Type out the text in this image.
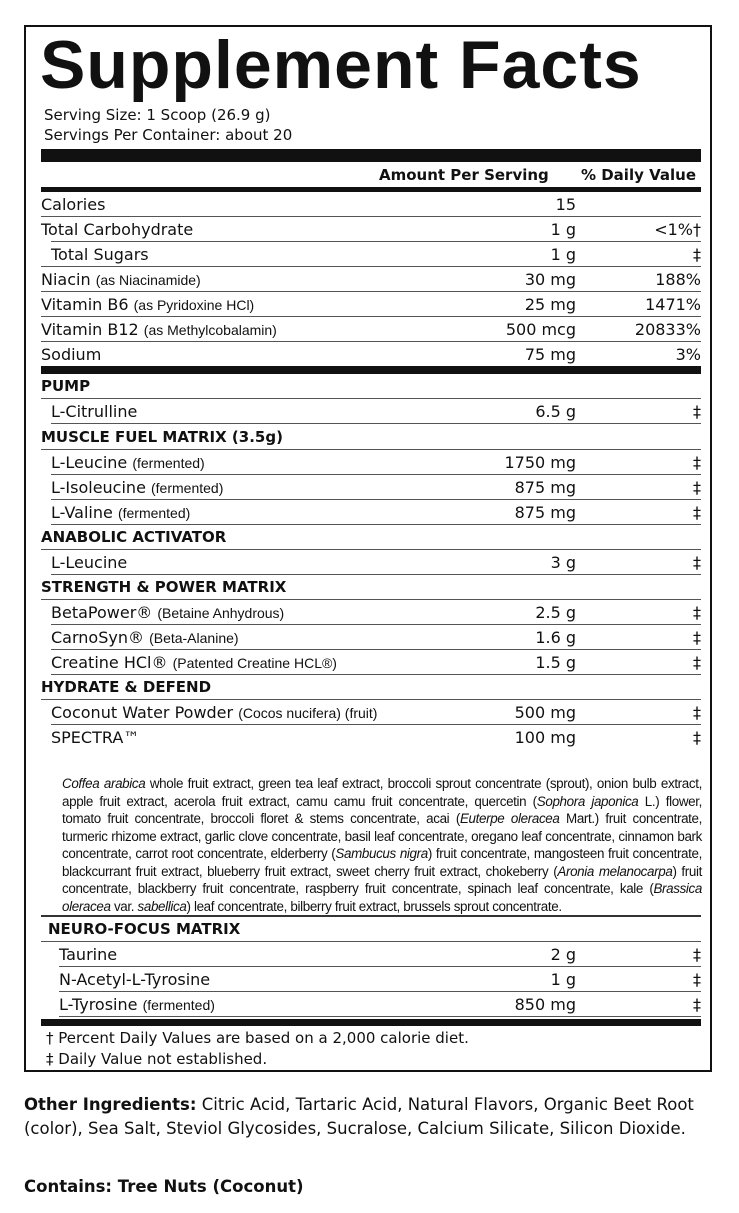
Supplement Facts
Serving Size: 1 Scoop (26.9 g)
Servings Per Container: about 20
Amount Per Serving % Daily Value
Calories	15
Total Carbohydrate	1 g	<1%†
Total Sugars	1 g	‡
Niacin (as Niacinamide)	30 mg	188%
Vitamin B6 (as Pyridoxine HCl)	25 mg	1471%
Vitamin B12 (as Methylcobalamin)	500 mcg	20833%
Sodium	75 mg	3%
PUMP
L-Citrulline	6.5 g	‡
MUSCLE FUEL MATRIX (3.5g)
L-Leucine (fermented)	1750 mg	‡
L-Isoleucine (fermented)	875 mg	‡
L-Valine (fermented)	875 mg	‡
ANABOLIC ACTIVATOR
L-Leucine	3 g	‡
STRENGTH & POWER MATRIX
BetaPower® (Betaine Anhydrous)	2.5 g	‡
CarnoSyn® (Beta-Alanine)	1.6 g	‡
Creatine HCl® (Patented Creatine HCL®)	1.5 g	‡
HYDRATE & DEFEND
Coconut Water Powder (Cocos nucifera) (fruit)	500 mg	‡
SPECTRA™	100 mg	‡
NEURO-FOCUS MATRIX
Taurine	2 g	‡
N-Acetyl-L-Tyrosine	1 g	‡
L-Tyrosine (fermented)	850 mg	‡
Coffea arabica whole fruit extract, green tea leaf extract, broccoli sprout concentrate (sprout), onion bulb extract, apple fruit extract, acerola fruit extract, camu camu fruit concentrate, quercetin (Sophora japonica L.) flower, tomato fruit concentrate, broccoli floret & stems concentrate, acai (Euterpe oleracea Mart.) fruit concentrate, turmeric rhizome extract, garlic clove concentrate, basil leaf concentrate, oregano leaf concentrate, cinnamon bark concentrate, carrot root concentrate, elderberry (Sambucus nigra) fruit concentrate, mangosteen fruit concentrate, blackcurrant fruit extract, blueberry fruit extract, sweet cherry fruit extract, chokeberry (Aronia melanocarpa) fruit concentrate, blackberry fruit concentrate, raspberry fruit concentrate, spinach leaf concentrate, kale (Brassica oleracea var. sabellica) leaf concentrate, bilberry fruit extract, brussels sprout concentrate.
† Percent Daily Values are based on a 2,000 calorie diet.
‡ Daily Value not established.
Other Ingredients: Citric Acid, Tartaric Acid, Natural Flavors, Organic Beet Root (color), Sea Salt, Steviol Glycosides, Sucralose, Calcium Silicate, Silicon Dioxide.
Contains: Tree Nuts (Coconut)
